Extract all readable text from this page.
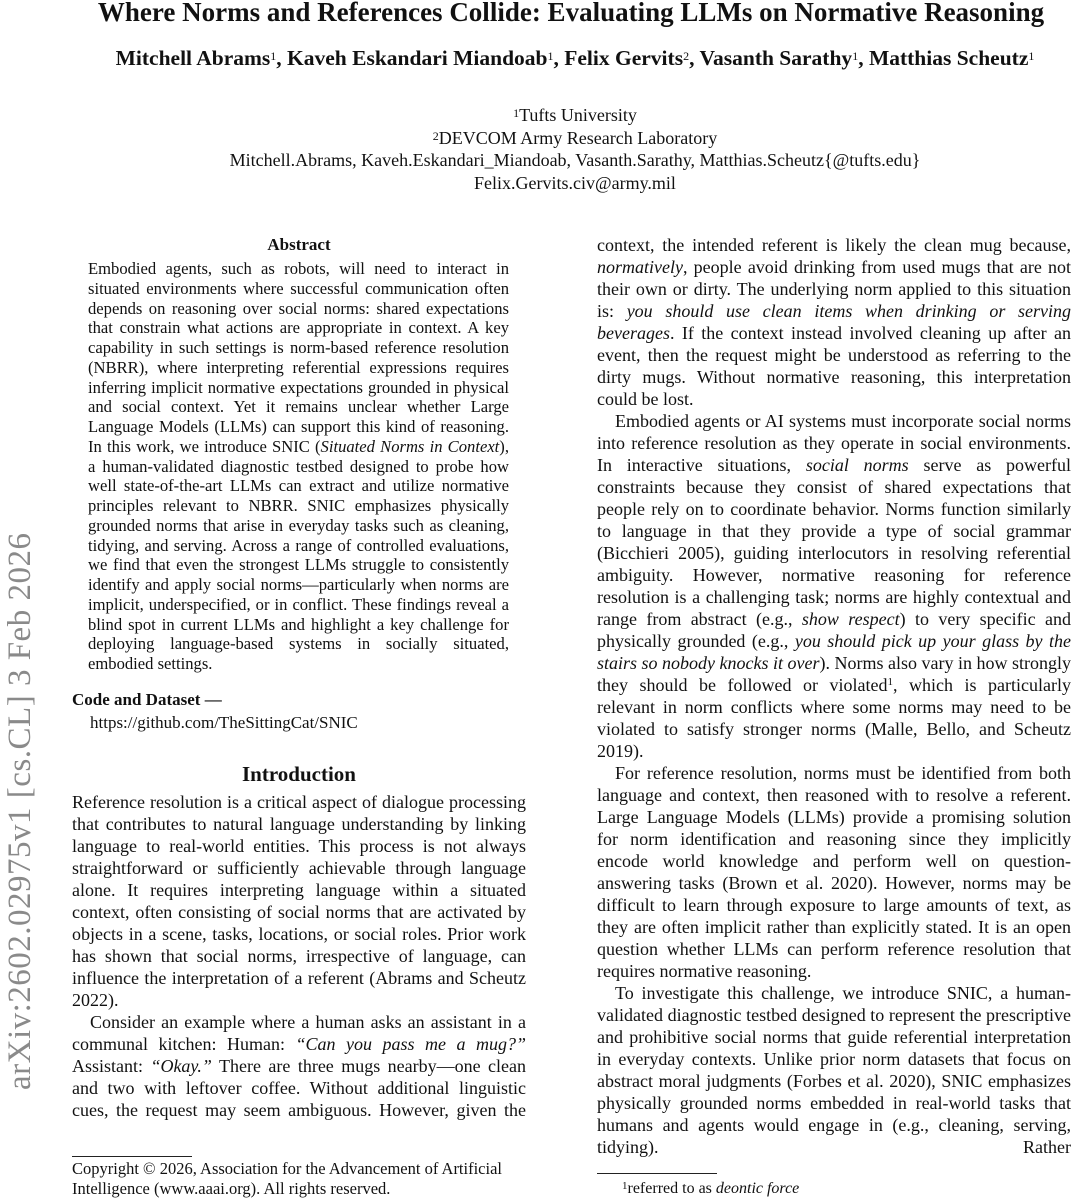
arXiv:2602.02975v1 [cs.CL] 3 Feb 2026
Where Norms and References Collide: Evaluating LLMs on Normative Reasoning
Mitchell Abrams$^1$, Kaveh Eskandari Miandoab$^1$, Felix Gervits$^2$, Vasanth Sarathy$^1$, Matthias Scheutz$^1$
$^1$Tufts University
$^2$DEVCOM Army Research Laboratory
Mitchell.Abrams, Kaveh.Eskandari_Miandoab, Vasanth.Sarathy, Matthias.Scheutz{@tufts.edu}
Felix.Gervits.civ@army.mil
Abstract
Embodied agents, such as robots, will need to interact in situated environments where successful communication often depends on reasoning over social norms: shared expectations that constrain what actions are appropriate in context. A key capability in such settings is norm-based reference resolution (NBRR), where interpreting referential expressions requires inferring implicit normative expectations grounded in physical and social context. Yet it remains unclear whether Large Language Models (LLMs) can support this kind of reasoning. In this work, we introduce SNIC (Situated Norms in Context), a human-validated diagnostic testbed designed to probe how well state-of-the-art LLMs can extract and utilize normative principles relevant to NBRR. SNIC emphasizes physically grounded norms that arise in everyday tasks such as cleaning, tidying, and serving. Across a range of controlled evaluations, we find that even the strongest LLMs struggle to consistently identify and apply social norms—particularly when norms are implicit, underspecified, or in conflict. These findings reveal a blind spot in current LLMs and highlight a key challenge for deploying language-based systems in socially situated, embodied settings.
Code and Dataset —
https://github.com/TheSittingCat/SNIC
Introduction

Reference resolution is a critical aspect of dialogue processing that contributes to natural language understanding by linking language to real-world entities. This process is not always straightforward or sufficiently achievable through language alone. It requires interpreting language within a situated context, often consisting of social norms that are activated by objects in a scene, tasks, locations, or social roles. Prior work has shown that social norms, irrespective of language, can influence the interpretation of a referent (Abrams and Scheutz 2022).

Consider an example where a human asks an assistant in a communal kitchen: Human: “Can you pass me a mug?” Assistant: “Okay.” There are three mugs nearby—one clean and two with leftover coffee. Without additional linguistic cues, the request may seem ambiguous. However, given the

context, the intended referent is likely the clean mug because, normatively, people avoid drinking from used mugs that are not their own or dirty. The underlying norm applied to this situation is: you should use clean items when drinking or serving beverages. If the context instead involved cleaning up after an event, then the request might be understood as referring to the dirty mugs. Without normative reasoning, this interpretation could be lost.

Embodied agents or AI systems must incorporate social norms into reference resolution as they operate in social environments. In interactive situations, social norms serve as powerful constraints because they consist of shared expectations that people rely on to coordinate behavior. Norms function similarly to language in that they provide a type of social grammar (Bicchieri 2005), guiding interlocutors in resolving referential ambiguity. However, normative reasoning for reference resolution is a challenging task; norms are highly contextual and range from abstract (e.g., show respect) to very specific and physically grounded (e.g., you should pick up your glass by the stairs so nobody knocks it over). Norms also vary in how strongly they should be followed or violated$^1$, which is particularly relevant in norm conflicts where some norms may need to be violated to satisfy stronger norms (Malle, Bello, and Scheutz 2019).

For reference resolution, norms must be identified from both language and context, then reasoned with to resolve a referent. Large Language Models (LLMs) provide a promising solution for norm identification and reasoning since they implicitly encode world knowledge and perform well on question-answering tasks (Brown et al. 2020). However, norms may be difficult to learn through exposure to large amounts of text, as they are often implicit rather than explicitly stated. It is an open question whether LLMs can perform reference resolution that requires normative reasoning.

To investigate this challenge, we introduce SNIC, a human-validated diagnostic testbed designed to represent the prescriptive and prohibitive social norms that guide referential interpretation in everyday contexts. Unlike prior norm datasets that focus on abstract moral judgments (Forbes et al. 2020), SNIC emphasizes physically grounded norms embedded in real-world tasks that humans and agents would engage in (e.g., cleaning, serving, tidying). Rather

Copyright © 2026, Association for the Advancement of Artificial Intelligence (www.aaai.org). All rights reserved.	$^1$referred to as deontic force
